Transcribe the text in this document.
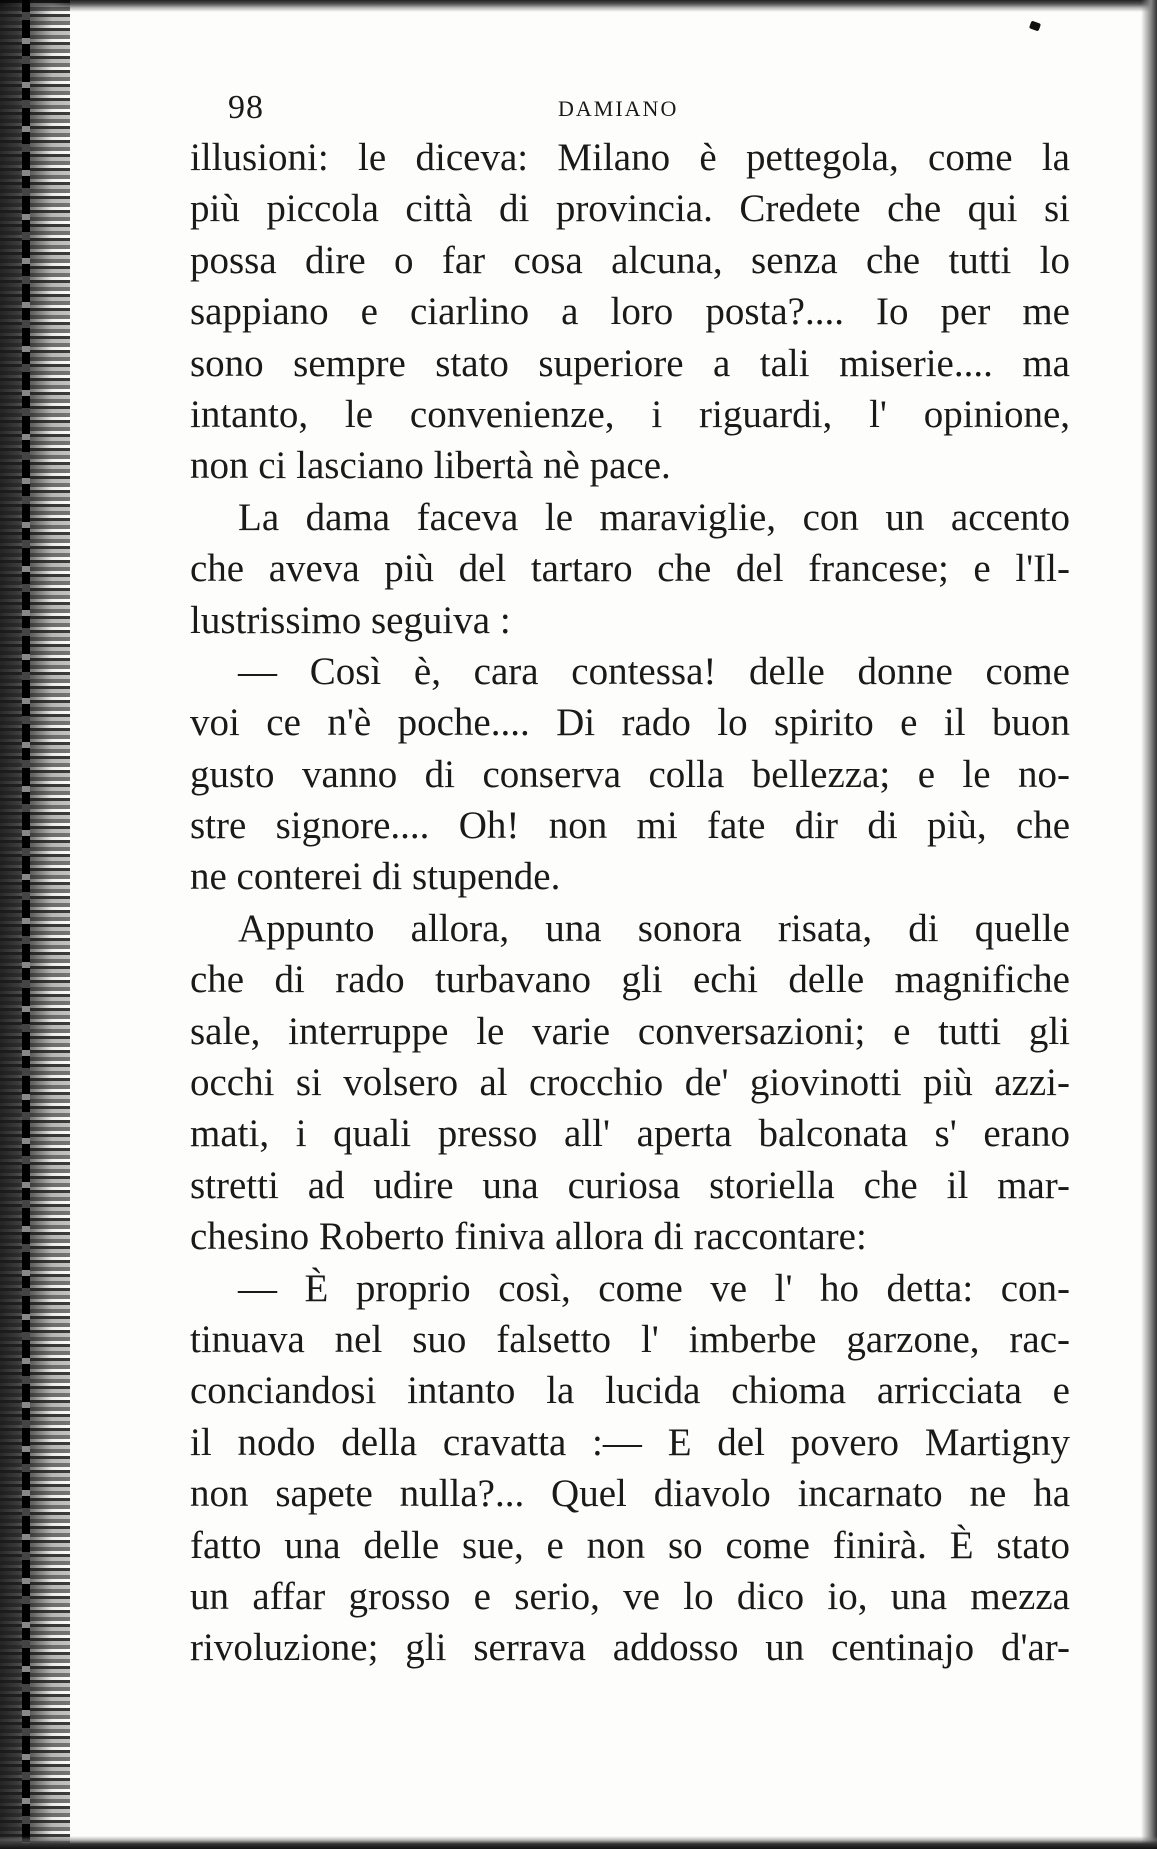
98	DAMIANO
illusioni: le diceva: Milano è pettegola, come la
più piccola città di provincia. Credete che qui si
possa dire o far cosa alcuna, senza che tutti lo
sappiano e ciarlino a loro posta?.... Io per me
sono sempre stato superiore a tali miserie.... ma
intanto, le convenienze, i riguardi, l' opinione,
non ci lasciano libertà nè pace.
La dama faceva le maraviglie, con un accento
che aveva più del tartaro che del francese; e l'Il-
lustrissimo seguiva :
— Così è, cara contessa! delle donne come
voi ce n'è poche.... Di rado lo spirito e il buon
gusto vanno di conserva colla bellezza; e le no-
stre signore.... Oh! non mi fate dir di più, che
ne conterei di stupende.
Appunto allora, una sonora risata, di quelle
che di rado turbavano gli echi delle magnifiche
sale, interruppe le varie conversazioni; e tutti gli
occhi si volsero al crocchio de' giovinotti più azzi-
mati, i quali presso all' aperta balconata s' erano
stretti ad udire una curiosa storiella che il mar-
chesino Roberto finiva allora di raccontare:
— È proprio così, come ve l' ho detta: con-
tinuava nel suo falsetto l' imberbe garzone, rac-
conciandosi intanto la lucida chioma arricciata e
il nodo della cravatta :— E del povero Martigny
non sapete nulla?... Quel diavolo incarnato ne ha
fatto una delle sue, e non so come finirà. È stato
un affar grosso e serio, ve lo dico io, una mezza
rivoluzione; gli serrava addosso un centinajo d'ar-
